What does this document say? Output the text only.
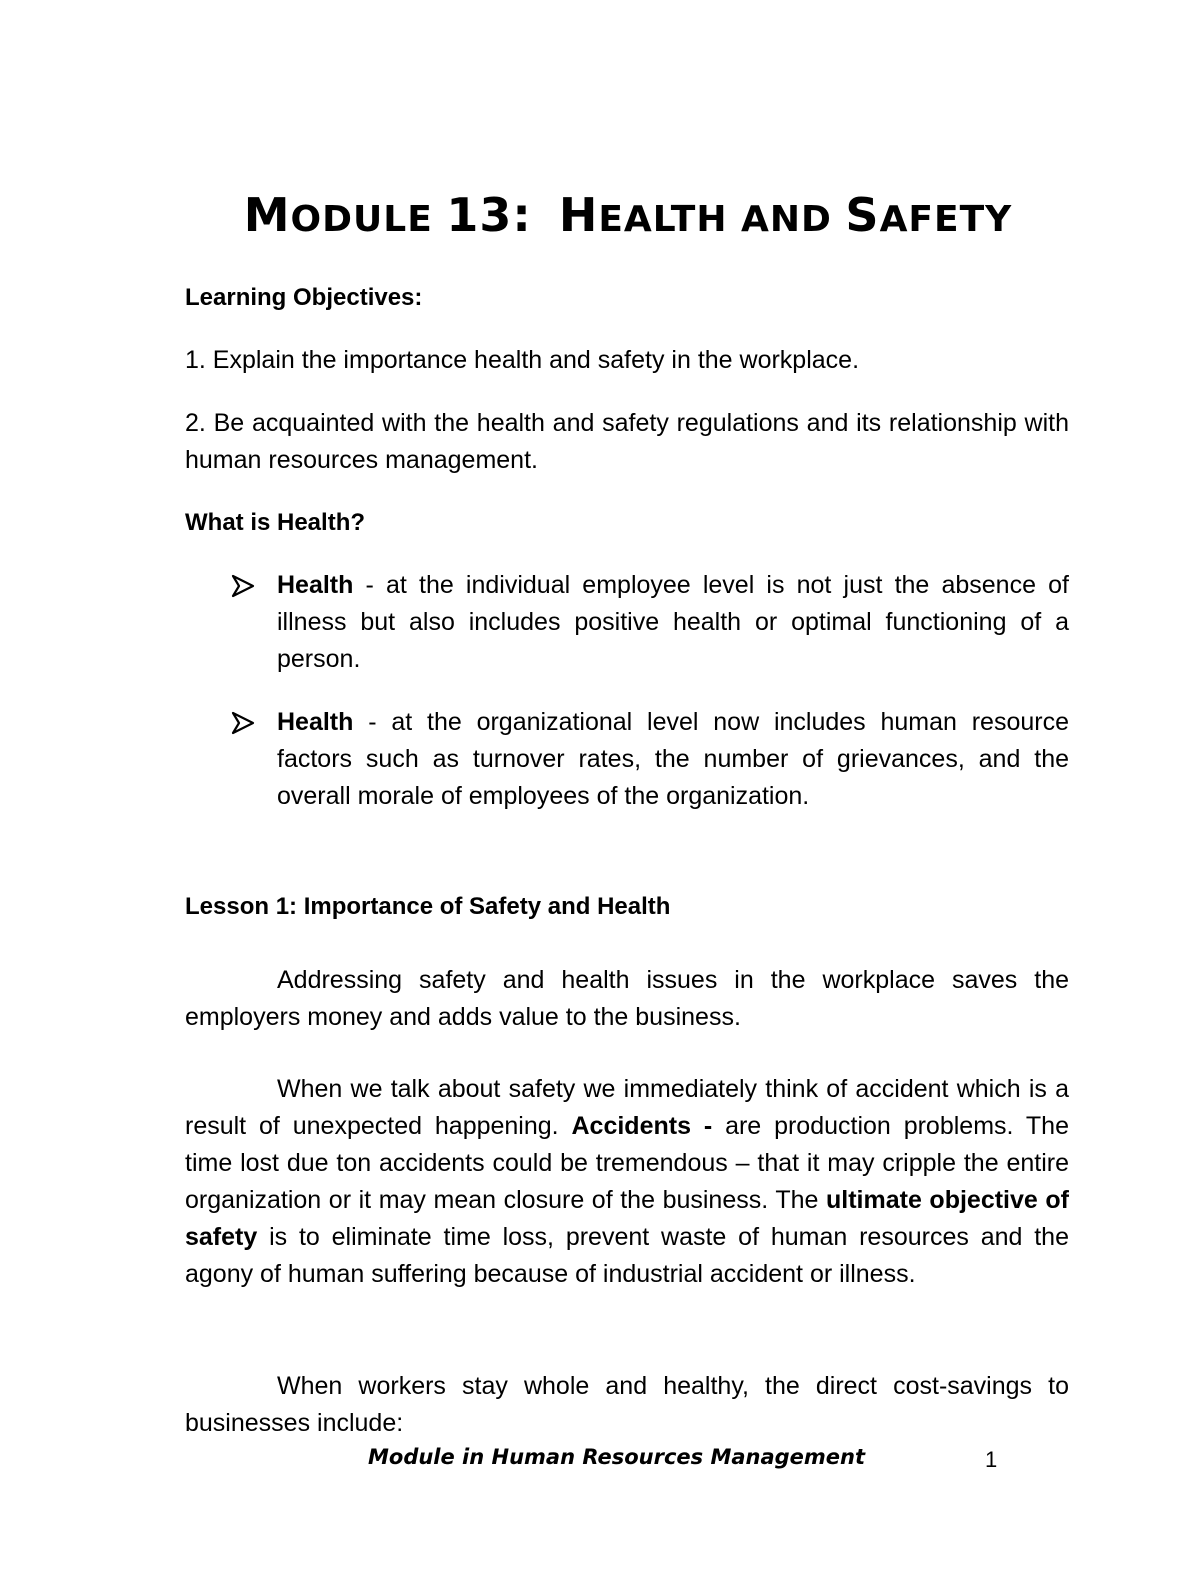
MODULE 13: HEALTH AND SAFETY
Learning Objectives:
1. Explain the importance health and safety in the workplace.
2. Be acquainted with the health and safety regulations and its relationship with human resources management.
What is Health?
Health - at the individual employee level is not just the absence of illness but also includes positive health or optimal functioning of a person.
Health - at the organizational level now includes human resource factors such as turnover rates, the number of grievances, and the overall morale of employees of the organization.
Lesson 1: Importance of Safety and Health
Addressing safety and health issues in the workplace saves the employers money and adds value to the business.
When we talk about safety we immediately think of accident which is a result of unexpected happening. Accidents - are production problems. The time lost due ton accidents could be tremendous – that it may cripple the entire organization or it may mean closure of the business. The ultimate objective of safety is to eliminate time loss, prevent waste of human resources and the agony of human suffering because of industrial accident or illness.
When workers stay whole and healthy, the direct cost-savings to businesses include:
Module in Human Resources Management	1
